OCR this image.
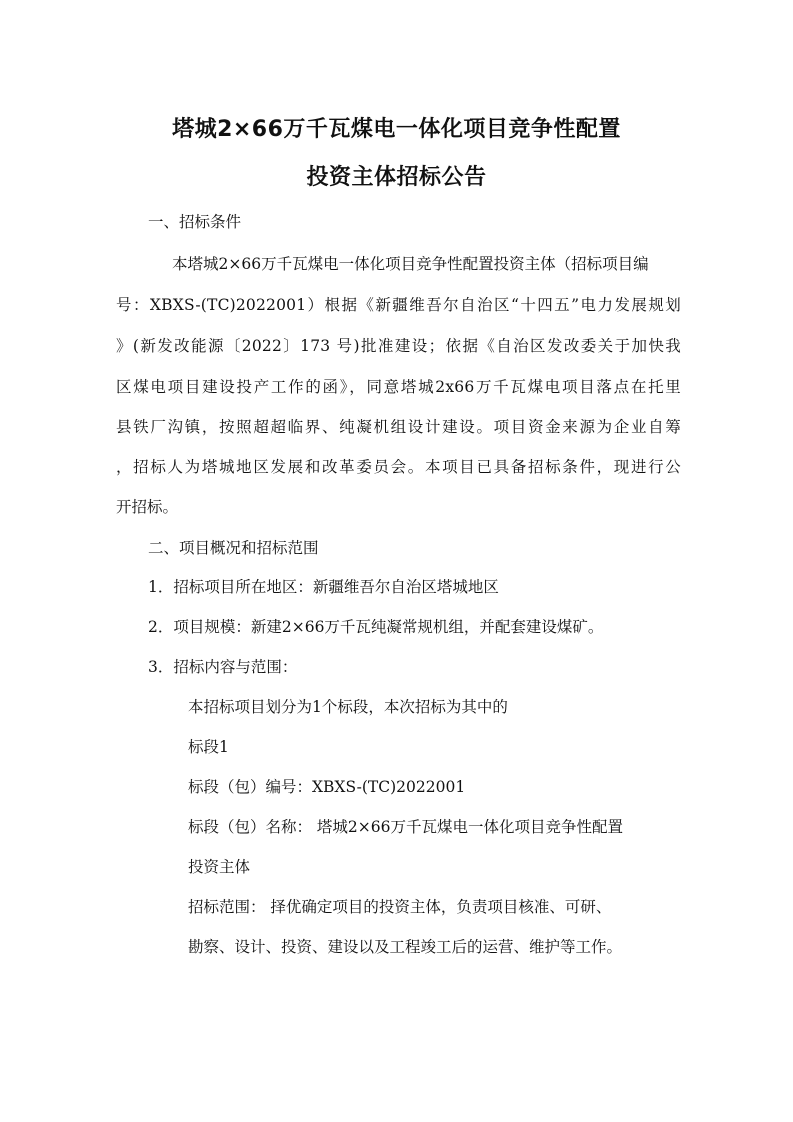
塔城2×66万千瓦煤电一体化项目竞争性配置
投资主体招标公告
一、招标条件
本塔城2×66万千瓦煤电一体化项目竞争性配置投资主体（招标项目编
号：XBXS-(TC)2022001）根据《新疆维吾尔自治区“十四五”电力发展规划
》(新发改能源〔2022〕173 号)批准建设；依据《自治区发改委关于加快我
区煤电项目建设投产工作的函》，同意塔城2x66万千瓦煤电项目落点在托里
县铁厂沟镇，按照超超临界、纯凝机组设计建设。项目资金来源为企业自筹
，招标人为塔城地区发展和改革委员会。本项目已具备招标条件，现进行公
开招标。
二、项目概况和招标范围
1．招标项目所在地区：新疆维吾尔自治区塔城地区
2．项目规模：新建2×66万千瓦纯凝常规机组，并配套建设煤矿。
3．招标内容与范围：
本招标项目划分为1个标段，本次招标为其中的
标段1
标段（包）编号：XBXS-(TC)2022001
标段（包）名称： 塔城2×66万千瓦煤电一体化项目竞争性配置
投资主体
招标范围： 择优确定项目的投资主体，负责项目核准、可研、
勘察、设计、投资、建设以及工程竣工后的运营、维护等工作。
